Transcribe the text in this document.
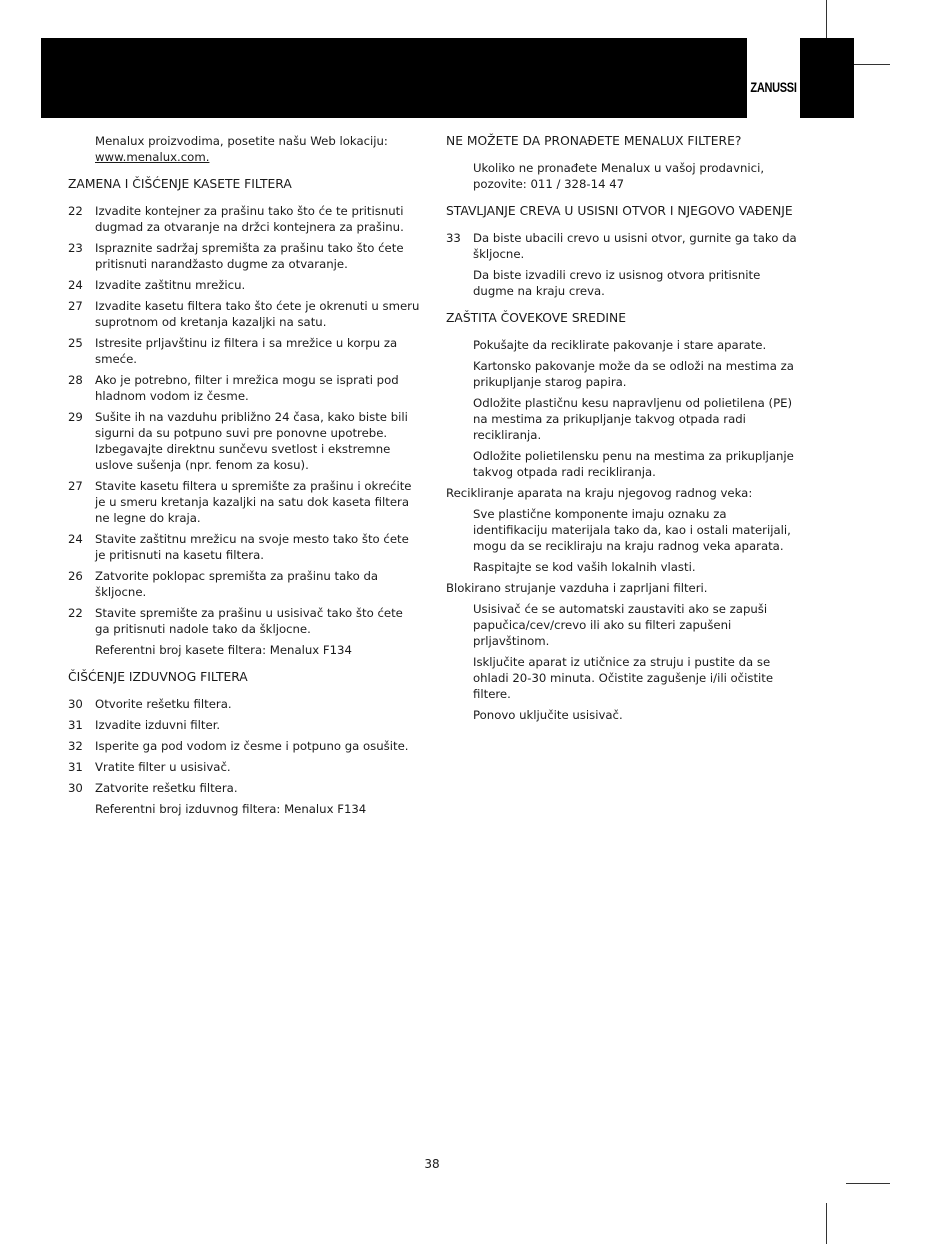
ZANUSSI
Menalux proizvodima, posetite našu Web lokaciju:
www.menalux.com.
ZAMENA I ČIŠĆENJE KASETE FILTERA
22	Izvadite kontejner za prašinu tako što će te pritisnuti dugmad za otvaranje na držci kontejnera za prašinu.
23	Ispraznite sadržaj spremišta za prašinu tako što ćete pritisnuti narandžasto dugme za otvaranje.
24	Izvadite zaštitnu mrežicu.
27	Izvadite kasetu filtera tako što ćete je okrenuti u smeru suprotnom od kretanja kazaljki na satu.
25	Istresite prljavštinu iz filtera i sa mrežice u korpu za smeće.
28	Ako je potrebno, filter i mrežica mogu se isprati pod hladnom vodom iz česme.
29	Sušite ih na vazduhu približno 24 časa, kako biste bili sigurni da su potpuno suvi pre ponovne upotrebe. Izbegavajte direktnu sunčevu svetlost i ekstremne uslove sušenja (npr. fenom za kosu).
27	Stavite kasetu filtera u spremište za prašinu i okrećite je u smeru kretanja kazaljki na satu dok kaseta filtera ne legne do kraja.
24	Stavite zaštitnu mrežicu na svoje mesto tako što ćete je pritisnuti na kasetu filtera.
26	Zatvorite poklopac spremišta za prašinu tako da škljocne.
22	Stavite spremište za prašinu u usisivač tako što ćete ga pritisnuti nadole tako da škljocne.
Referentni broj kasete filtera: Menalux F134
ČIŠĆENJE IZDUVNOG FILTERA
30	Otvorite rešetku filtera.
31	Izvadite izduvni filter.
32	Isperite ga pod vodom iz česme i potpuno ga osušite.
31	Vratite filter u usisivač.
30	Zatvorite rešetku filtera.
Referentni broj izduvnog filtera: Menalux F134
NE MOŽETE DA PRONAĐETE MENALUX FILTERE?
Ukoliko ne pronađete Menalux u vašoj prodavnici, pozovite: 011 / 328-14 47
STAVLJANJE CREVA U USISNI OTVOR I NJEGOVO VAĐENJE
33	Da biste ubacili crevo u usisni otvor, gurnite ga tako da škljocne.
Da biste izvadili crevo iz usisnog otvora pritisnite dugme na kraju creva.
ZAŠTITA ČOVEKOVE SREDINE
Pokušajte da reciklirate pakovanje i stare aparate.
Kartonsko pakovanje može da se odloži na mestima za prikupljanje starog papira.
Odložite plastičnu kesu napravljenu od polietilena (PE) na mestima za prikupljanje takvog otpada radi recikliranja.
Odložite polietilensku penu na mestima za prikupljanje takvog otpada radi recikliranja.
Recikliranje aparata na kraju njegovog radnog veka:
Sve plastične komponente imaju oznaku za identifikaciju materijala tako da, kao i ostali materijali, mogu da se recikliraju na kraju radnog veka aparata.
Raspitajte se kod vaših lokalnih vlasti.
Blokirano strujanje vazduha i zaprljani filteri.
Usisivač će se automatski zaustaviti ako se zapuši papučica/cev/crevo ili ako su filteri zapušeni prljavštinom.
Isključite aparat iz utičnice za struju i pustite da se ohladi 20-30 minuta. Očistite zagušenje i/ili očistite filtere.
Ponovo uključite usisivač.
38
